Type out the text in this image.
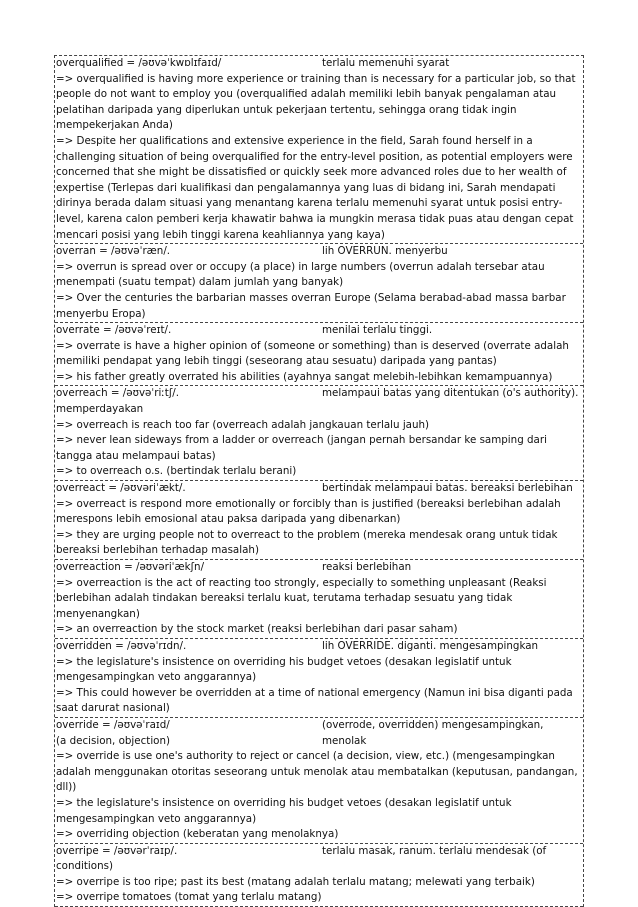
overqualified = /əʊvəˈkwɒlɪfaɪd/	terlalu memenuhi syarat
=> overqualified is having more experience or training than is necessary for a particular job, so that people do not want to employ you (overqualified adalah memiliki lebih banyak pengalaman atau pelatihan daripada yang diperlukan untuk pekerjaan tertentu, sehingga orang tidak ingin mempekerjakan Anda)
=> Despite her qualifications and extensive experience in the field, Sarah found herself in a challenging situation of being overqualified for the entry-level position, as potential employers were concerned that she might be dissatisfied or quickly seek more advanced roles due to her wealth of expertise (Terlepas dari kualifikasi dan pengalamannya yang luas di bidang ini, Sarah mendapati dirinya berada dalam situasi yang menantang karena terlalu memenuhi syarat untuk posisi entry-level, karena calon pemberi kerja khawatir bahwa ia mungkin merasa tidak puas atau dengan cepat mencari posisi yang lebih tinggi karena keahliannya yang kaya)
overran = /əʊvəˈræn/.	lih OVERRUN. menyerbu
=> overrun is spread over or occupy (a place) in large numbers (overrun adalah tersebar atau menempati (suatu tempat) dalam jumlah yang banyak)
=> Over the centuries the barbarian masses overran Europe (Selama berabad-abad massa barbar menyerbu Eropa)
overrate = /əʊvəˈreɪt/.	menilai terlalu tinggi.
=> overrate is have a higher opinion of (someone or something) than is deserved (overrate adalah memiliki pendapat yang lebih tinggi (seseorang atau sesuatu) daripada yang pantas)
=> his father greatly overrated his abilities (ayahnya sangat melebih-lebihkan kemampuannya)
overreach = /əʊvəˈriːtʃ/.	melampaui batas yang ditentukan (o's authority).
memperdayakan
=> overreach is reach too far (overreach adalah jangkauan terlalu jauh)
=> never lean sideways from a ladder or overreach (jangan pernah bersandar ke samping dari tangga atau melampaui batas)
=> to overreach o.s. (bertindak terlalu berani)
overreact = /əʊvəriˈækt/.	bertindak melampaui batas. bereaksi berlebihan
=> overreact is respond more emotionally or forcibly than is justified (bereaksi berlebihan adalah merespons lebih emosional atau paksa daripada yang dibenarkan)
=> they are urging people not to overreact to the problem (mereka mendesak orang untuk tidak bereaksi berlebihan terhadap masalah)
overreaction = /əʊvəriˈækʃn/	reaksi berlebihan
=> overreaction is the act of reacting too strongly, especially to something unpleasant (Reaksi berlebihan adalah tindakan bereaksi terlalu kuat, terutama terhadap sesuatu yang tidak menyenangkan)
=> an overreaction by the stock market (reaksi berlebihan dari pasar saham)
overridden = /əʊvəˈrɪdn/.	lih OVERRIDE. diganti. mengesampingkan
=> the legislature's insistence on overriding his budget vetoes (desakan legislatif untuk mengesampingkan veto anggarannya)
=> This could however be overridden at a time of national emergency (Namun ini bisa diganti pada saat darurat nasional)
override = /əʊvəˈraɪd/	(overrode, overridden) mengesampingkan, menolak
(a decision, objection)
=> override is use one's authority to reject or cancel (a decision, view, etc.) (mengesampingkan adalah menggunakan otoritas seseorang untuk menolak atau membatalkan (keputusan, pandangan, dll))
=> the legislature's insistence on overriding his budget vetoes (desakan legislatif untuk mengesampingkan veto anggarannya)
=> overriding objection (keberatan yang menolaknya)
overripe = /əʊvərˈraɪp/.	terlalu masak, ranum. terlalu mendesak (of
conditions)
=> overripe is too ripe; past its best (matang adalah terlalu matang; melewati yang terbaik)
=> overripe tomatoes (tomat yang terlalu matang)
